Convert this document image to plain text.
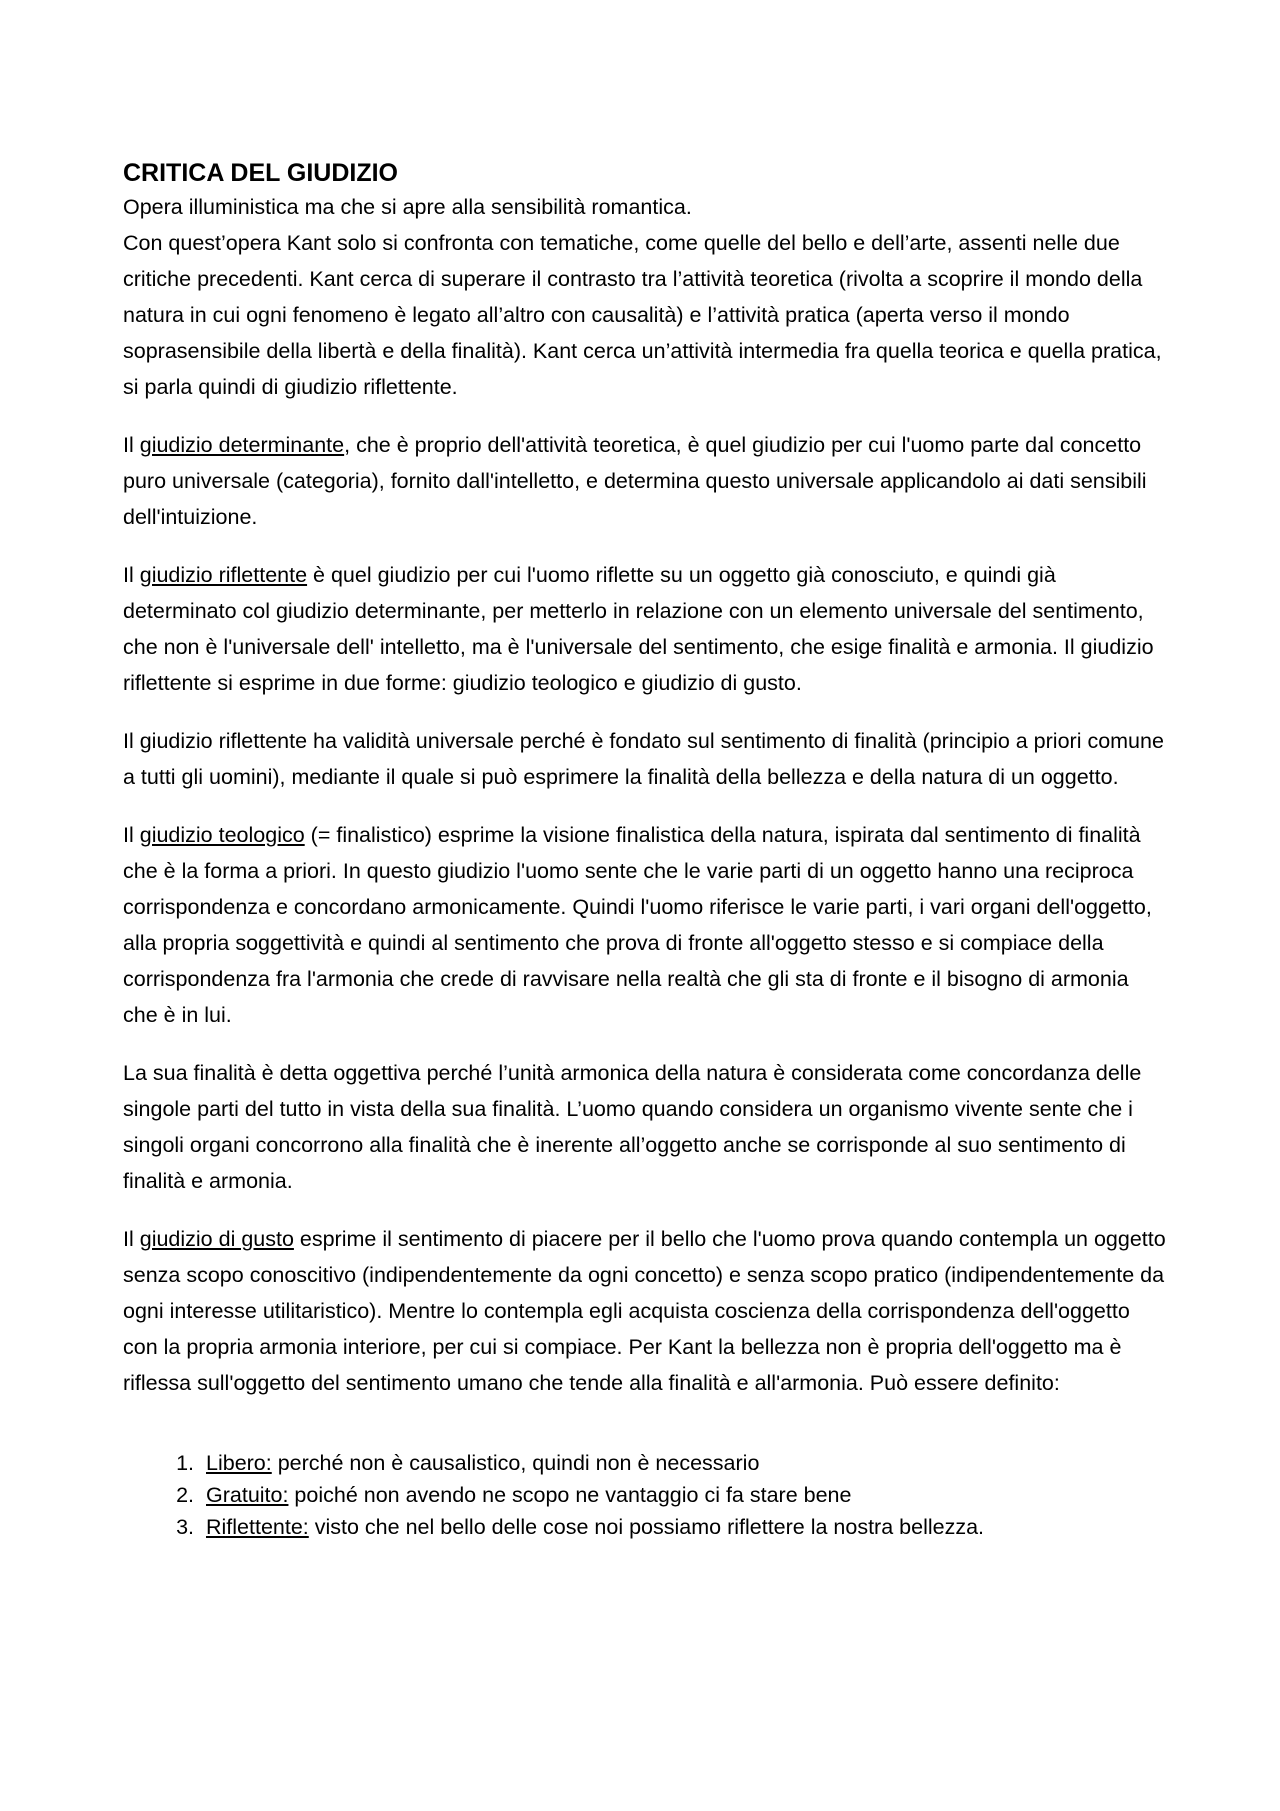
CRITICA DEL GIUDIZIO
Opera illuministica ma che si apre alla sensibilità romantica.

Con quest’opera Kant solo si confronta con tematiche, come quelle del bello e dell’arte, assenti nelle due critiche precedenti. Kant cerca di superare il contrasto tra l’attività teoretica (rivolta a scoprire il mondo della natura in cui ogni fenomeno è legato all’altro con causalità) e l’attività pratica (aperta verso il mondo soprasensibile della libertà e della finalità). Kant cerca un’attività intermedia fra quella teorica e quella pratica, si parla quindi di giudizio riflettente.

Il giudizio determinante, che è proprio dell'attività teoretica, è quel giudizio per cui l'uomo parte dal concetto puro universale (categoria), fornito dall'intelletto, e determina questo universale applicandolo ai dati sensibili dell'intuizione.

Il giudizio riflettente è quel giudizio per cui l'uomo riflette su un oggetto già conosciuto, e quindi già determinato col giudizio determinante, per metterlo in relazione con un elemento universale del sentimento, che non è l'universale dell' intelletto, ma è l'universale del sentimento, che esige finalità e armonia. Il giudizio riflettente si esprime in due forme: giudizio teologico e giudizio di gusto.

Il giudizio riflettente ha validità universale perché è fondato sul sentimento di finalità (principio a priori comune a tutti gli uomini), mediante il quale si può esprimere la finalità della bellezza e della natura di un oggetto.

Il giudizio teologico (= finalistico) esprime la visione finalistica della natura, ispirata dal sentimento di finalità che è la forma a priori. In questo giudizio l'uomo sente che le varie parti di un oggetto hanno una reciproca corrispondenza e concordano armonicamente. Quindi l'uomo riferisce le varie parti, i vari organi dell'oggetto, alla propria soggettività e quindi al sentimento che prova di fronte all'oggetto stesso e si compiace della corrispondenza fra l'armonia che crede di ravvisare nella realtà che gli sta di fronte e il bisogno di armonia che è in lui.

La sua finalità è detta oggettiva perché l’unità armonica della natura è considerata come concordanza delle singole parti del tutto in vista della sua finalità. L’uomo quando considera un organismo vivente sente che i singoli organi concorrono alla finalità che è inerente all’oggetto anche se corrisponde al suo sentimento di finalità e armonia.

Il giudizio di gusto esprime il sentimento di piacere per il bello che l'uomo prova quando contempla un oggetto senza scopo conoscitivo (indipendentemente da ogni concetto) e senza scopo pratico (indipendentemente da ogni interesse utilitaristico). Mentre lo contempla egli acquista coscienza della corrispondenza dell'oggetto con la propria armonia interiore, per cui si compiace. Per Kant la bellezza non è propria dell'oggetto ma è riflessa sull'oggetto del sentimento umano che tende alla finalità e all'armonia. Può essere definito:

1. Libero: perché non è causalistico, quindi non è necessario
2. Gratuito: poiché non avendo ne scopo ne vantaggio ci fa stare bene
3. Riflettente: visto che nel bello delle cose noi possiamo riflettere la nostra bellezza.
